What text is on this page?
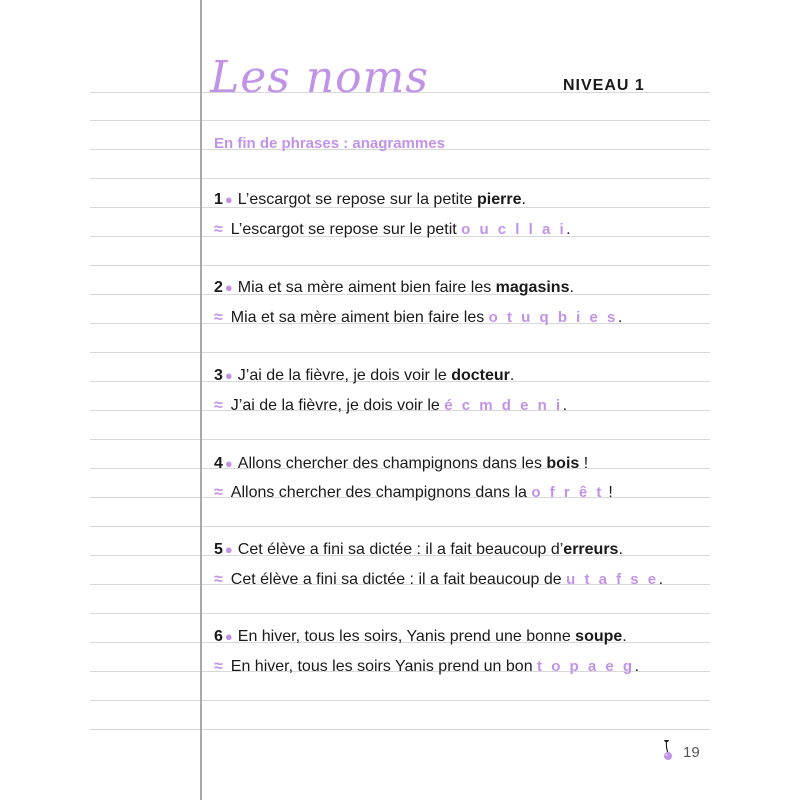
Les noms	NIVEAU 1
En fin de phrases : anagrammes
1 ● L’escargot se repose sur la petite pierre.
≈ L’escargot se repose sur le petit o u c l l a i.
2 ● Mia et sa mère aiment bien faire les magasins.
≈ Mia et sa mère aiment bien faire les o t u q b i e s.
3 ● J’ai de la fièvre, je dois voir le docteur.
≈ J’ai de la fièvre, je dois voir le é c m d e n i.
4 ● Allons chercher des champignons dans les bois !
≈ Allons chercher des champignons dans la o f r ê t !
5 ● Cet élève a fini sa dictée : il a fait beaucoup d’erreurs.
≈ Cet élève a fini sa dictée : il a fait beaucoup de u t a f s e.
6 ● En hiver, tous les soirs, Yanis prend une bonne soupe.
≈ En hiver, tous les soirs Yanis prend un bon t o p a e g.
19
